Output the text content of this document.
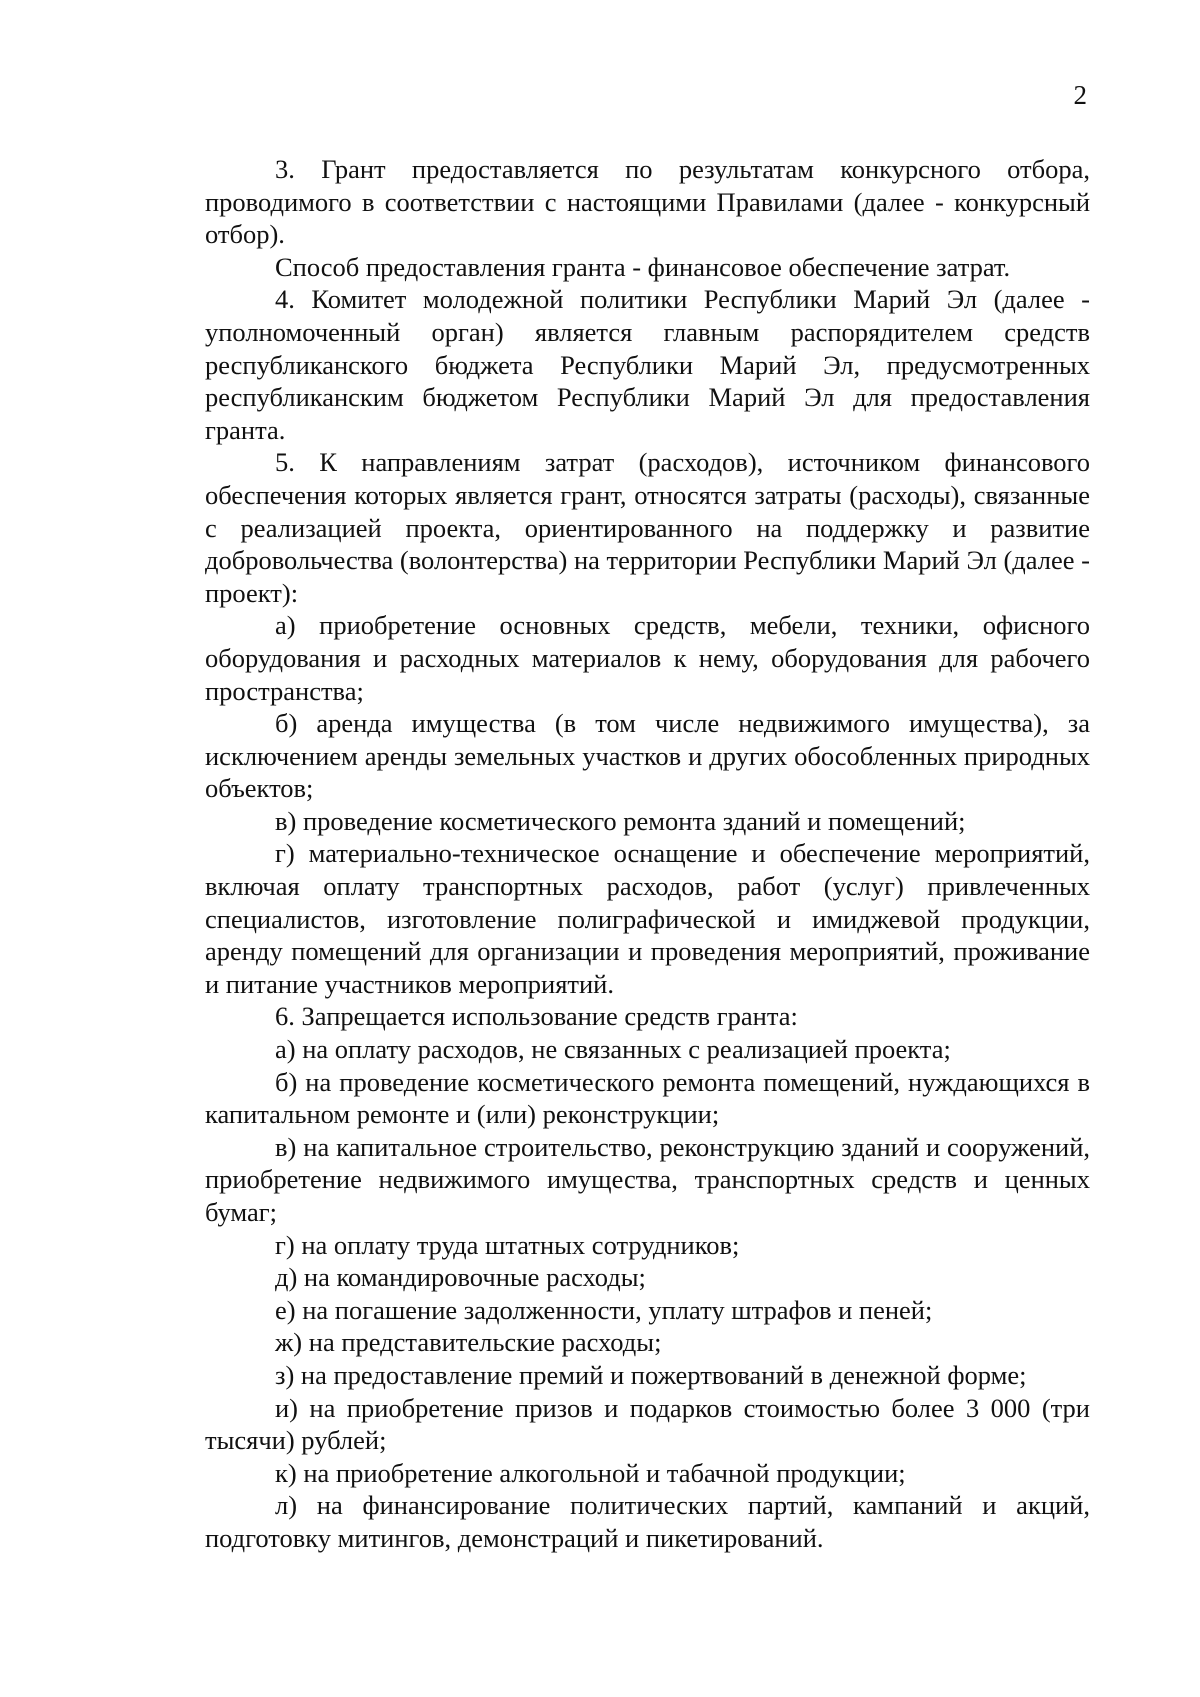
2

3. Грант предоставляется по результатам конкурсного отбора, проводимого в соответствии с настоящими Правилами (далее - конкурсный отбор).

Способ предоставления гранта - финансовое обеспечение затрат.

4. Комитет молодежной политики Республики Марий Эл (далее - уполномоченный орган) является главным распорядителем средств республиканского бюджета Республики Марий Эл, предусмотренных республиканским бюджетом Республики Марий Эл для предоставления гранта.

5. К направлениям затрат (расходов), источником финансового обеспечения которых является грант, относятся затраты (расходы), связанные с реализацией проекта, ориентированного на поддержку и развитие добровольчества (волонтерства) на территории Республики Марий Эл (далее - проект):

а) приобретение основных средств, мебели, техники, офисного оборудования и расходных материалов к нему, оборудования для рабочего пространства;

б) аренда имущества (в том числе недвижимого имущества), за исключением аренды земельных участков и других обособленных природных объектов;

в) проведение косметического ремонта зданий и помещений;

г) материально-техническое оснащение и обеспечение мероприятий, включая оплату транспортных расходов, работ (услуг) привлеченных специалистов, изготовление полиграфической и имиджевой продукции, аренду помещений для организации и проведения мероприятий, проживание и питание участников мероприятий.

6. Запрещается использование средств гранта:

а) на оплату расходов, не связанных с реализацией проекта;

б) на проведение косметического ремонта помещений, нуждающихся в капитальном ремонте и (или) реконструкции;

в) на капитальное строительство, реконструкцию зданий и сооружений, приобретение недвижимого имущества, транспортных средств и ценных бумаг;

г) на оплату труда штатных сотрудников;

д) на командировочные расходы;

е) на погашение задолженности, уплату штрафов и пеней;

ж) на представительские расходы;

з) на предоставление премий и пожертвований в денежной форме;

и) на приобретение призов и подарков стоимостью более 3 000 (три тысячи) рублей;

к) на приобретение алкогольной и табачной продукции;

л) на финансирование политических партий, кампаний и акций, подготовку митингов, демонстраций и пикетирований.
